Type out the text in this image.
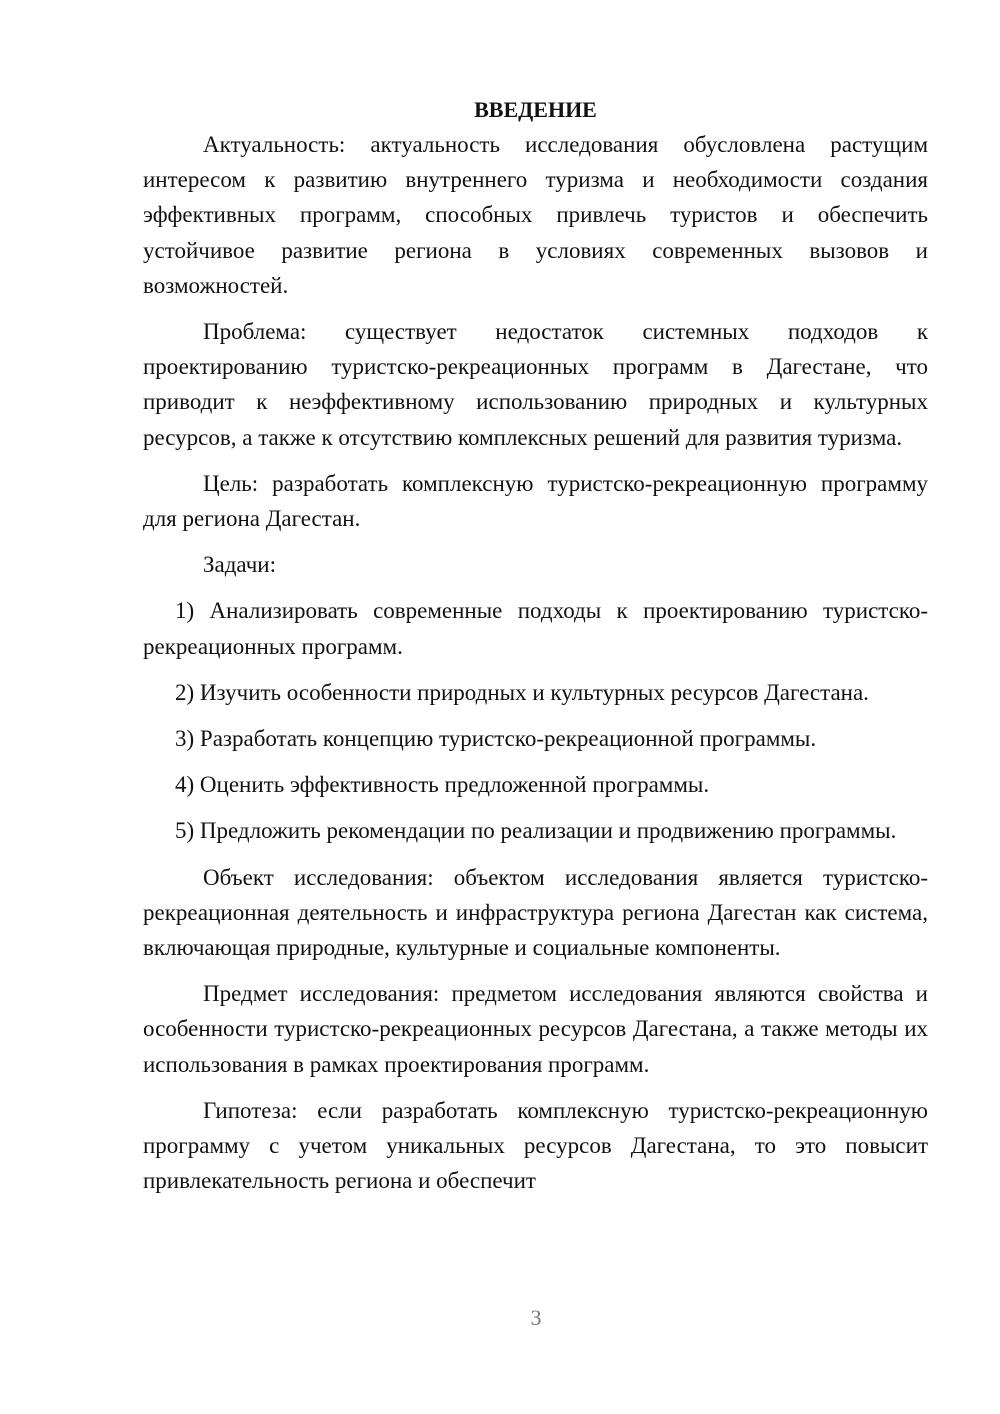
ВВЕДЕНИЕ

Актуальность: актуальность исследования обусловлена растущим интересом к развитию внутреннего туризма и необходимости создания эффективных программ, способных привлечь туристов и обеспечить устойчивое развитие региона в условиях современных вызовов и возможностей.

Проблема: существует недостаток системных подходов к проектированию туристско-рекреационных программ в Дагестане, что приводит к неэффективному использованию природных и культурных ресурсов, а также к отсутствию комплексных решений для развития туризма.

Цель: разработать комплексную туристско-рекреационную программу для региона Дагестан.

Задачи:

1) Анализировать современные подходы к проектированию туристско-рекреационных программ.

2) Изучить особенности природных и культурных ресурсов Дагестана.

3) Разработать концепцию туристско-рекреационной программы.

4) Оценить эффективность предложенной программы.

5) Предложить рекомендации по реализации и продвижению программы.

Объект исследования: объектом исследования является туристско-рекреационная деятельность и инфраструктура региона Дагестан как система, включающая природные, культурные и социальные компоненты.

Предмет исследования: предметом исследования являются свойства и особенности туристско-рекреационных ресурсов Дагестана, а также методы их использования в рамках проектирования программ.

Гипотеза: если разработать комплексную туристско-рекреационную программу с учетом уникальных ресурсов Дагестана, то это повысит привлекательность региона и обеспечит

3
